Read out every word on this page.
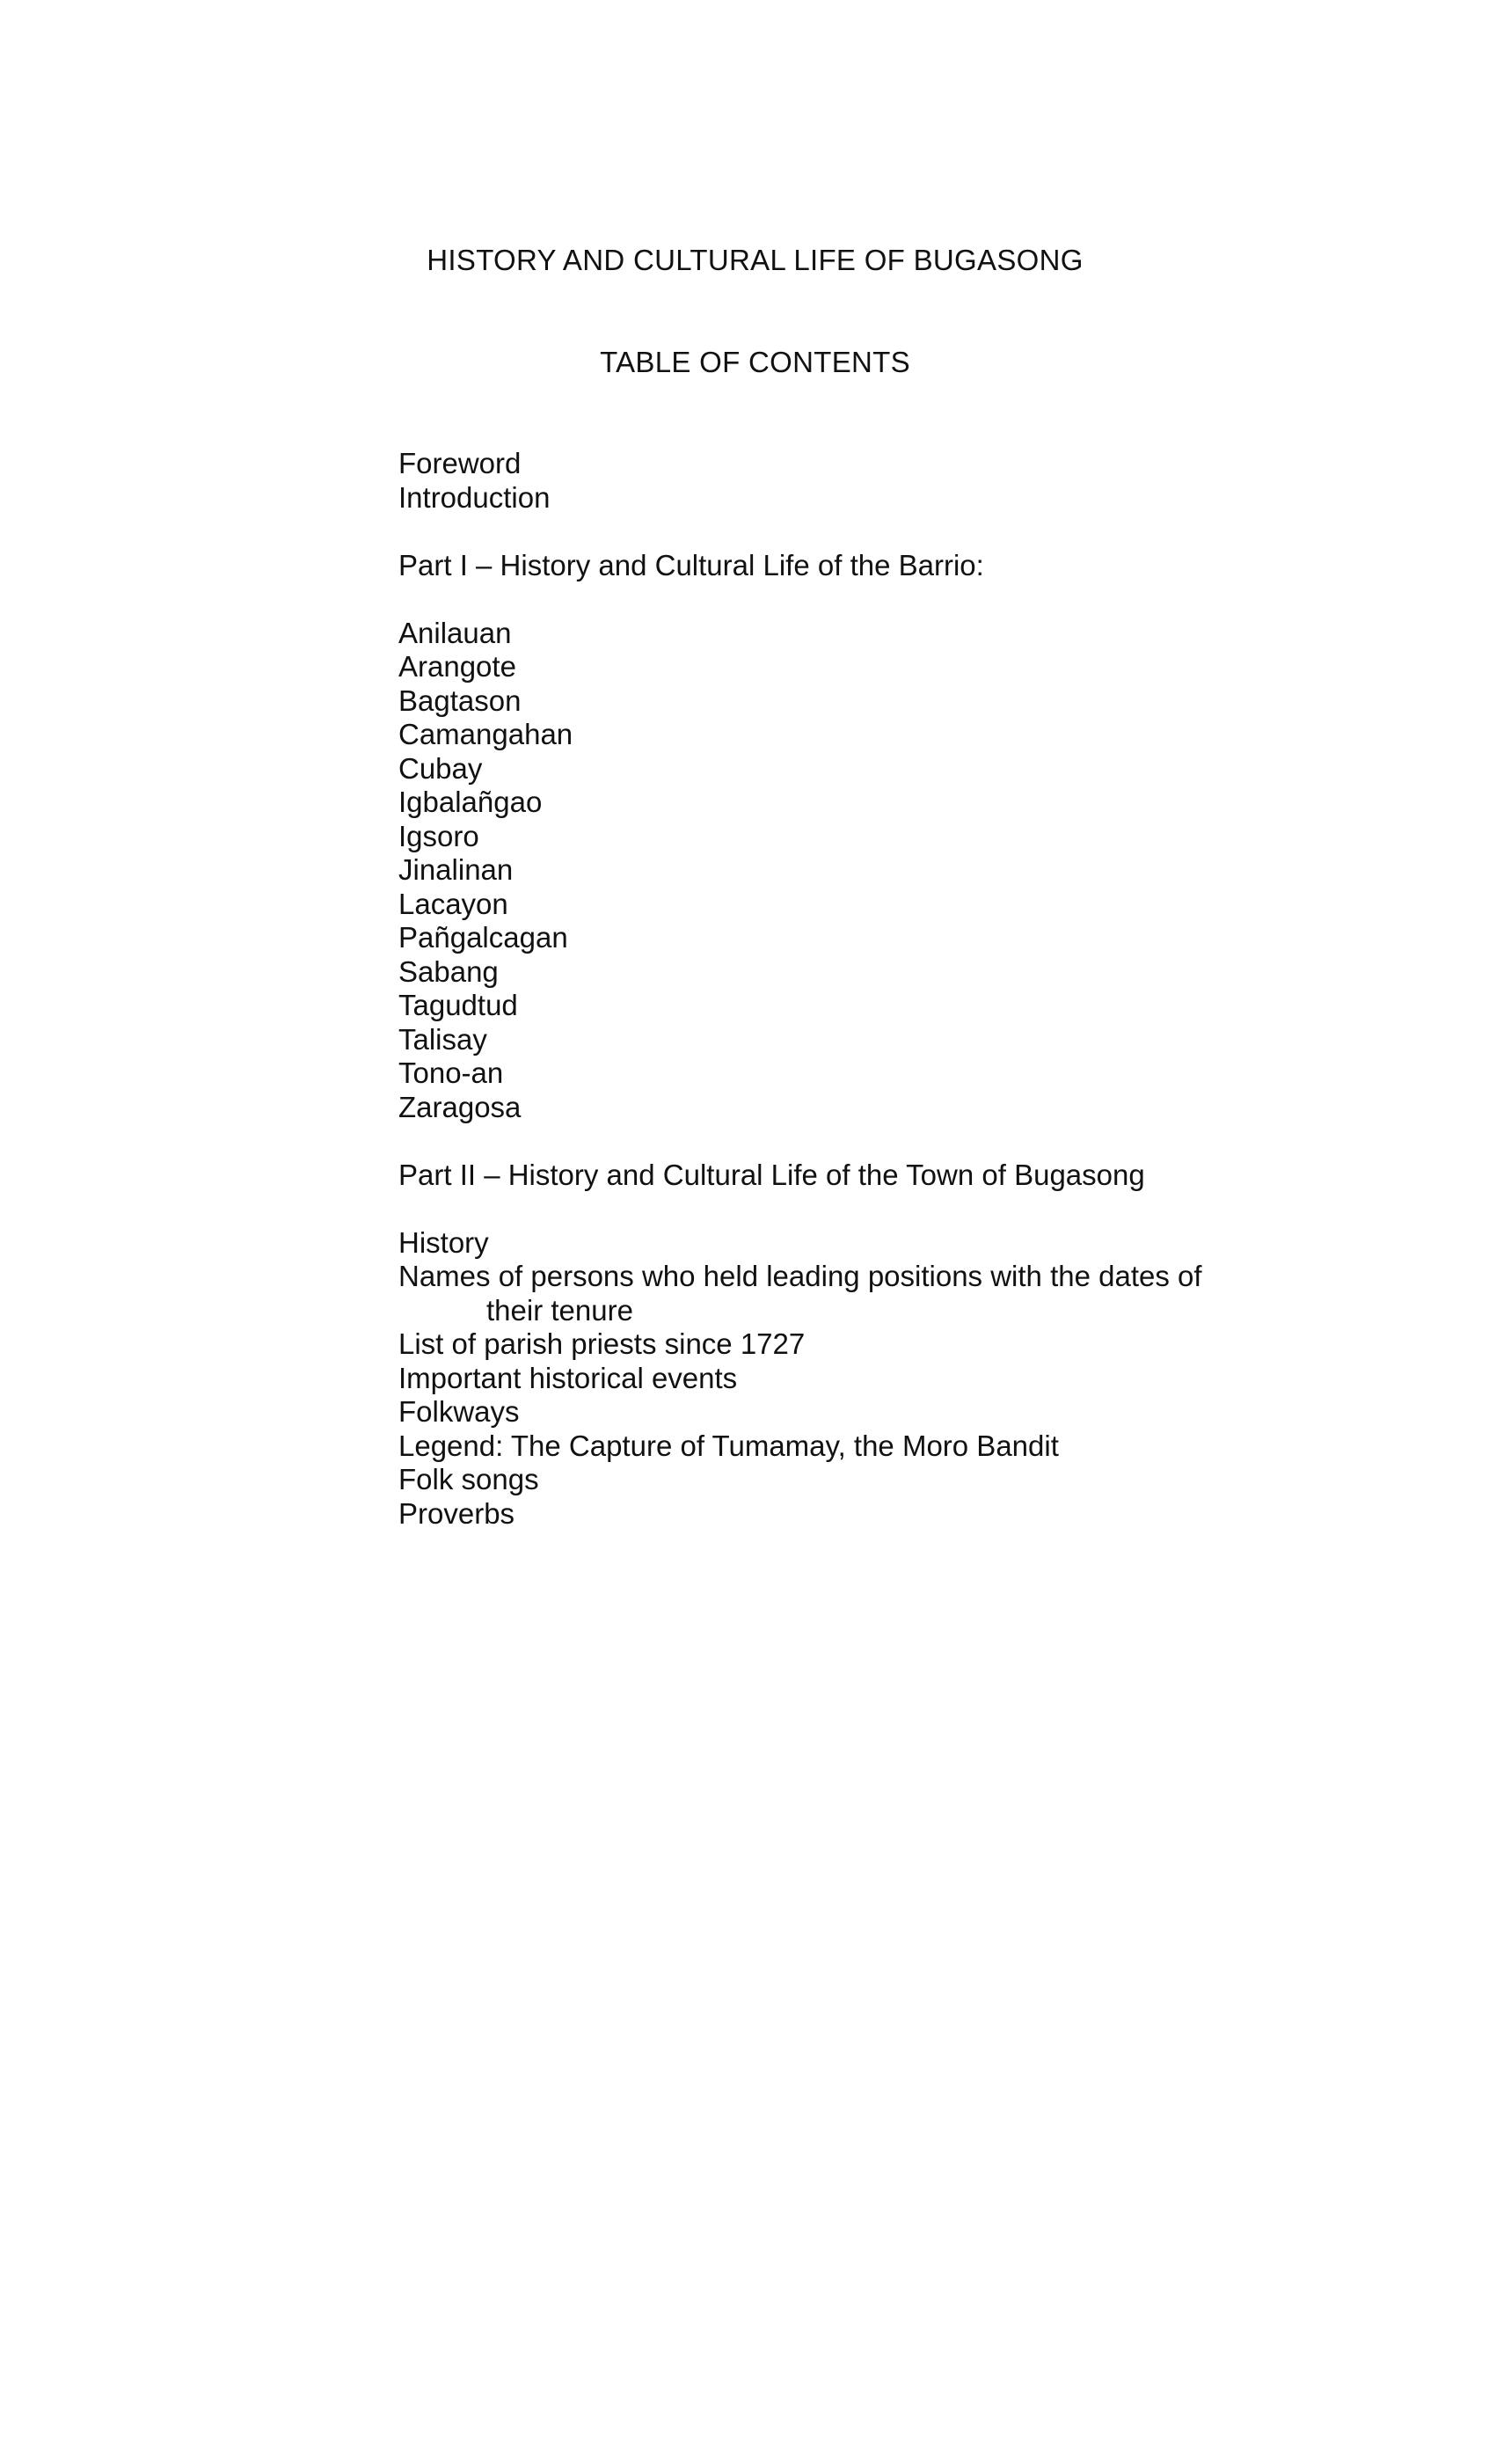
HISTORY AND CULTURAL LIFE OF BUGASONG
TABLE OF CONTENTS

Foreword

Introduction

Part I – History and Cultural Life of the Barrio:

Anilauan

Arangote

Bagtason

Camangahan

Cubay

Igbalañgao

Igsoro

Jinalinan

Lacayon

Pañgalcagan

Sabang

Tagudtud

Talisay

Tono-an

Zaragosa

Part II – History and Cultural Life of the Town of Bugasong

History

Names of persons who held leading positions with the dates of

their tenure

List of parish priests since 1727

Important historical events

Folkways

Legend: The Capture of Tumamay, the Moro Bandit

Folk songs

Proverbs
